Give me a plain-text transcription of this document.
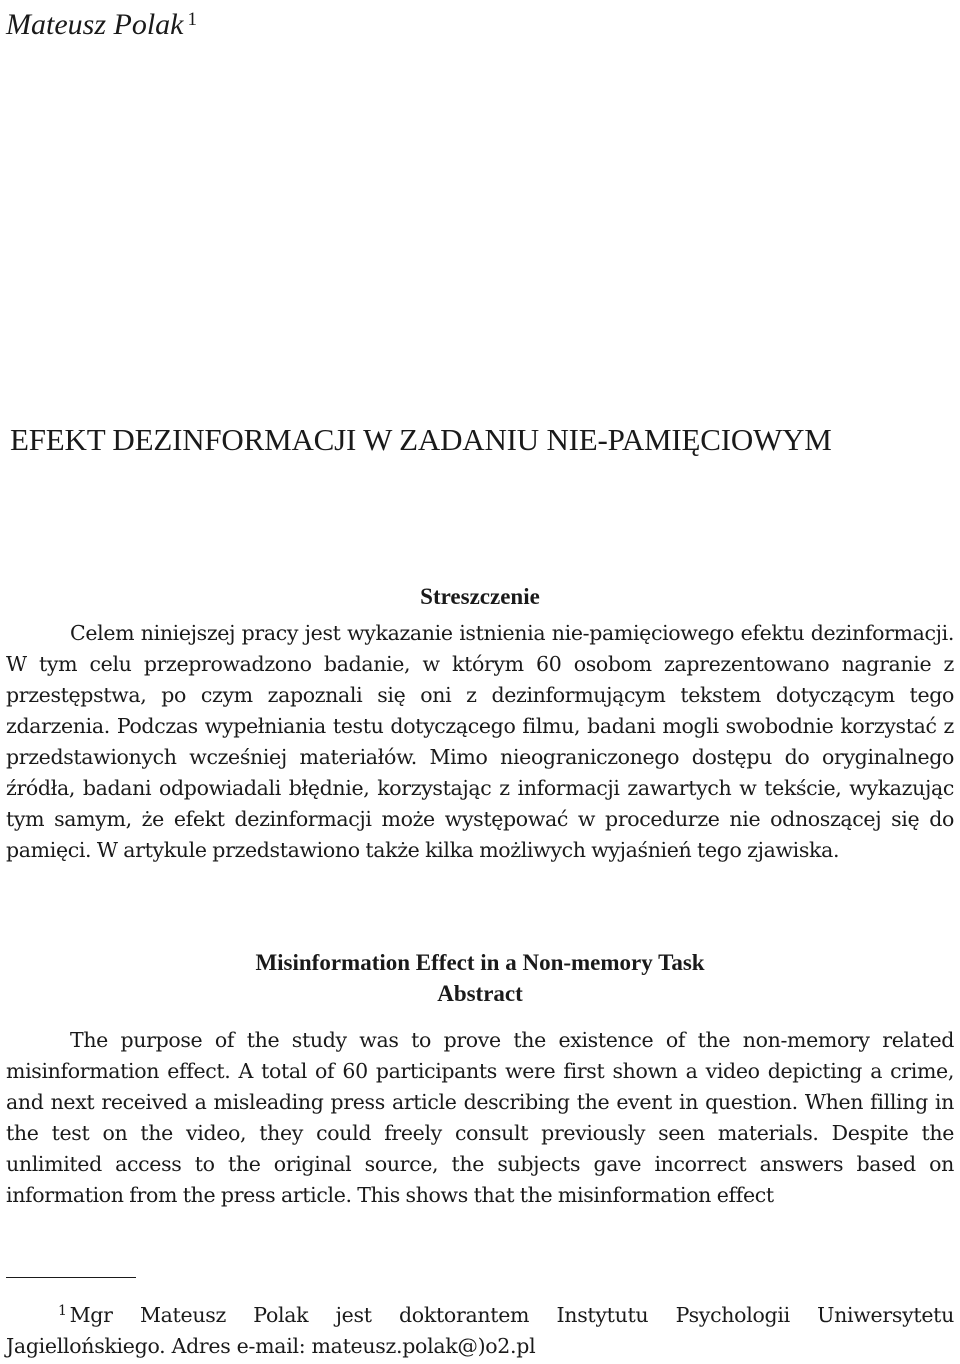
Mateusz Polak $^1$
EFEKT DEZINFORMACJI W ZADANIU NIE-PAMIĘCIOWYM
Streszczenie

Celem niniejszej pracy jest wykazanie istnienia nie-pamięciowego efektu dezinformacji. W tym celu przeprowadzono badanie, w którym 60 osobom zaprezentowano nagranie z przestępstwa, po czym zapoznali się oni z dezinformującym tekstem dotyczącym tego zdarzenia. Podczas wypełniania testu dotyczącego filmu, badani mogli swobodnie korzystać z przedstawionych wcześniej materiałów. Mimo nieograniczonego dostępu do oryginalnego źródła, badani odpowiadali błędnie, korzystając z informacji zawartych w tekście, wykazując tym samym, że efekt dezinformacji może występować w procedurze nie odnoszącej się do pamięci. W artykule przedstawiono także kilka możliwych wyjaśnień tego zjawiska.

Misinformation Effect in a Non-memory Task
Abstract

The purpose of the study was to prove the existence of the non-memory related misinformation effect. A total of 60 participants were first shown a video depicting a crime, and next received a misleading press article describing the event in question. When filling in the test on the video, they could freely consult previously seen materials. Despite the unlimited access to the original source, the subjects gave incorrect answers based on information from the press article. This shows that the misinformation effect

$^1$ Mgr Mateusz Polak jest doktorantem Instytutu Psychologii Uniwersytetu Jagiellońskiego. Adres e-mail: mateusz.polak@)o2.pl
